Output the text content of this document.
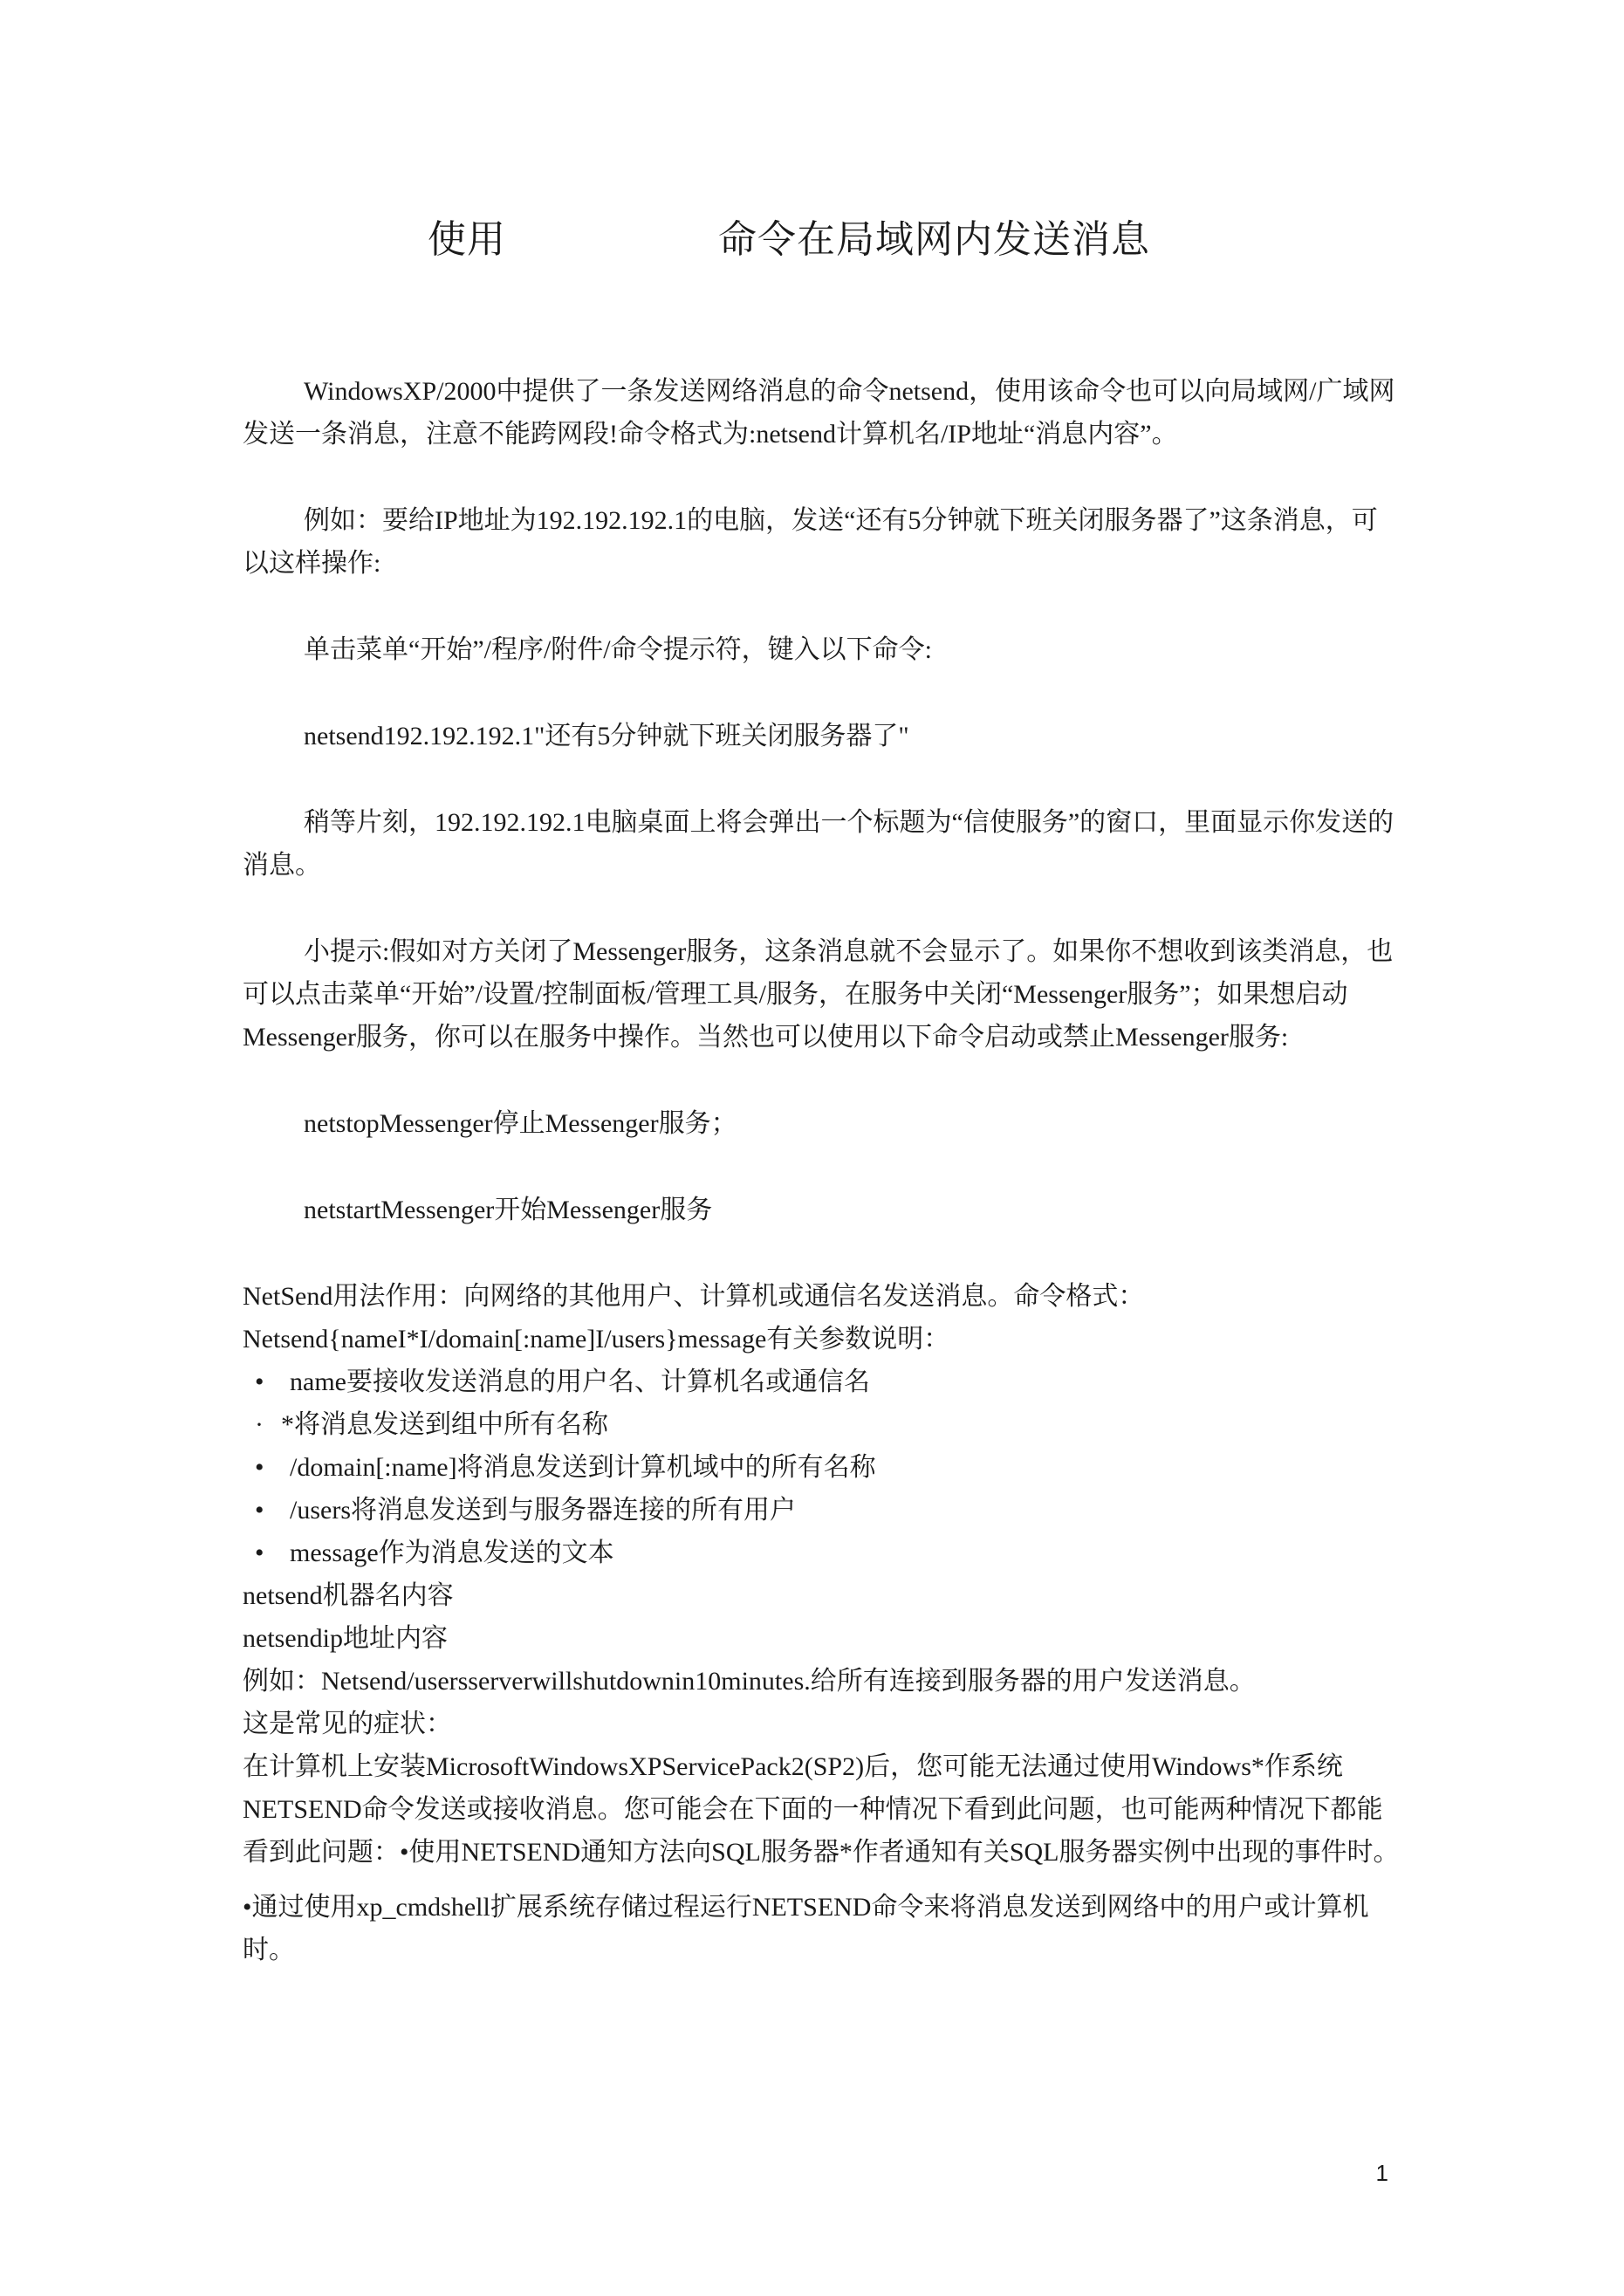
使用	命令在局域网内发送消息

WindowsXP/2000中提供了一条发送网络消息的命令netsend，使用该命令也可以向局域网/广域网发送一条消息，注意不能跨网段!命令格式为:netsend计算机名/IP地址“消息内容”。

例如：要给IP地址为192.192.192.1的电脑，发送“还有5分钟就下班关闭服务器了”这条消息，可以这样操作:

单击菜单“开始”/程序/附件/命令提示符，键入以下命令:

netsend192.192.192.1"还有5分钟就下班关闭服务器了"

稍等片刻，192.192.192.1电脑桌面上将会弹出一个标题为“信使服务”的窗口，里面显示你发送的消息。

小提示:假如对方关闭了Messenger服务，这条消息就不会显示了。如果你不想收到该类消息，也可以点击菜单“开始”/设置/控制面板/管理工具/服务，在服务中关闭“Messenger服务”；如果想启动Messenger服务，你可以在服务中操作。当然也可以使用以下命令启动或禁止Messenger服务:

netstopMessenger停止Messenger服务；

netstartMessenger开始Messenger服务

NetSend用法作用：向网络的其他用户、计算机或通信名发送消息。命令格式：Netsend{nameI*I/domain[:name]I/users}message有关参数说明：

• name要接收发送消息的用户名、计算机名或通信名
· *将消息发送到组中所有名称
• /domain[:name]将消息发送到计算机域中的所有名称
• /users将消息发送到与服务器连接的所有用户
• message作为消息发送的文本

netsend机器名内容

netsendip地址内容

例如：Netsend/usersserverwillshutdownin10minutes.给所有连接到服务器的用户发送消息。

这是常见的症状：

在计算机上安装MicrosoftWindowsXPServicePack2(SP2)后，您可能无法通过使用Windows*作系统NETSEND命令发送或接收消息。您可能会在下面的一种情况下看到此问题，也可能两种情况下都能看到此问题：•使用NETSEND通知方法向SQL服务器*作者通知有关SQL服务器实例中出现的事件时。

•通过使用xp_cmdshell扩展系统存储过程运行NETSEND命令来将消息发送到网络中的用户或计算机时。

1
